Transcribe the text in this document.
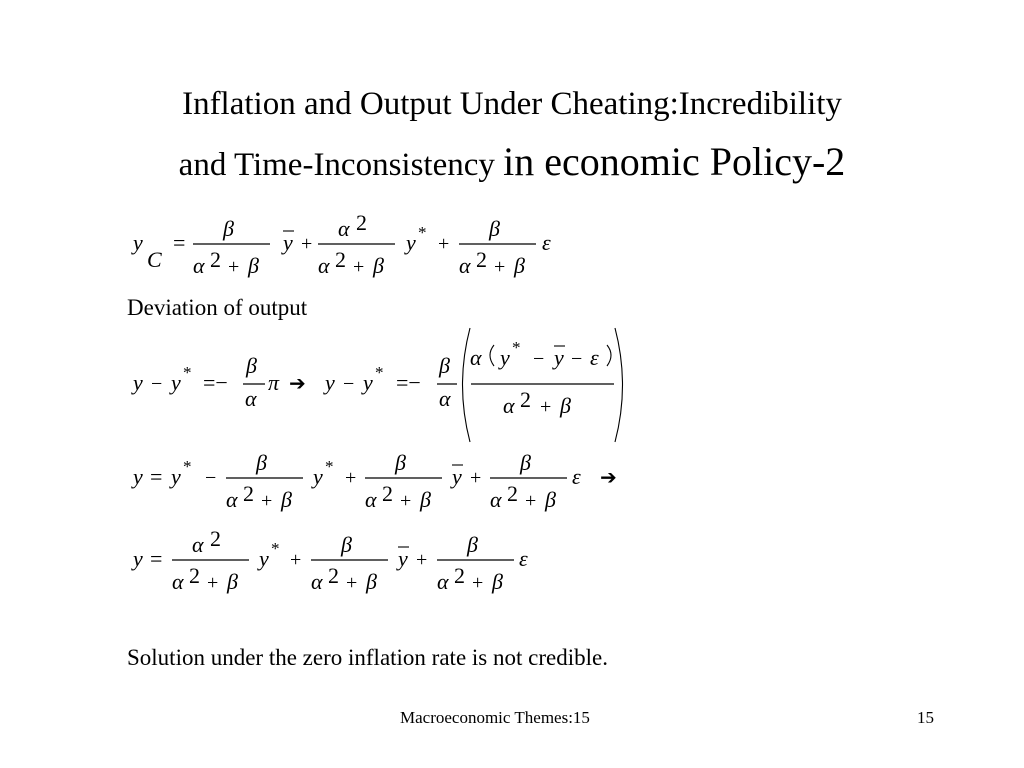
Inflation and Output Under Cheating:Incredibility
and Time-Inconsistency in economic Policy-2
Deviation of output
Solution under the zero inflation rate is not credible.
Macroeconomic Themes:15	15
y
C
=
β
α 2 + β
y +
α 2
α 2 + β
y *
+
β
α 2 + β
ε
y − y * =−
β
α
π ➔ y − y * =−
β
α
α y *
− y − ε
α 2 + β
y = y *
−
β
α 2 + β
y *
+
β
α 2 + β
y +
β
α 2 + β
ε ➔
y =
α 2
α 2 + β
y *
+
β
α 2 + β
y +
β
α 2 + β
ε
